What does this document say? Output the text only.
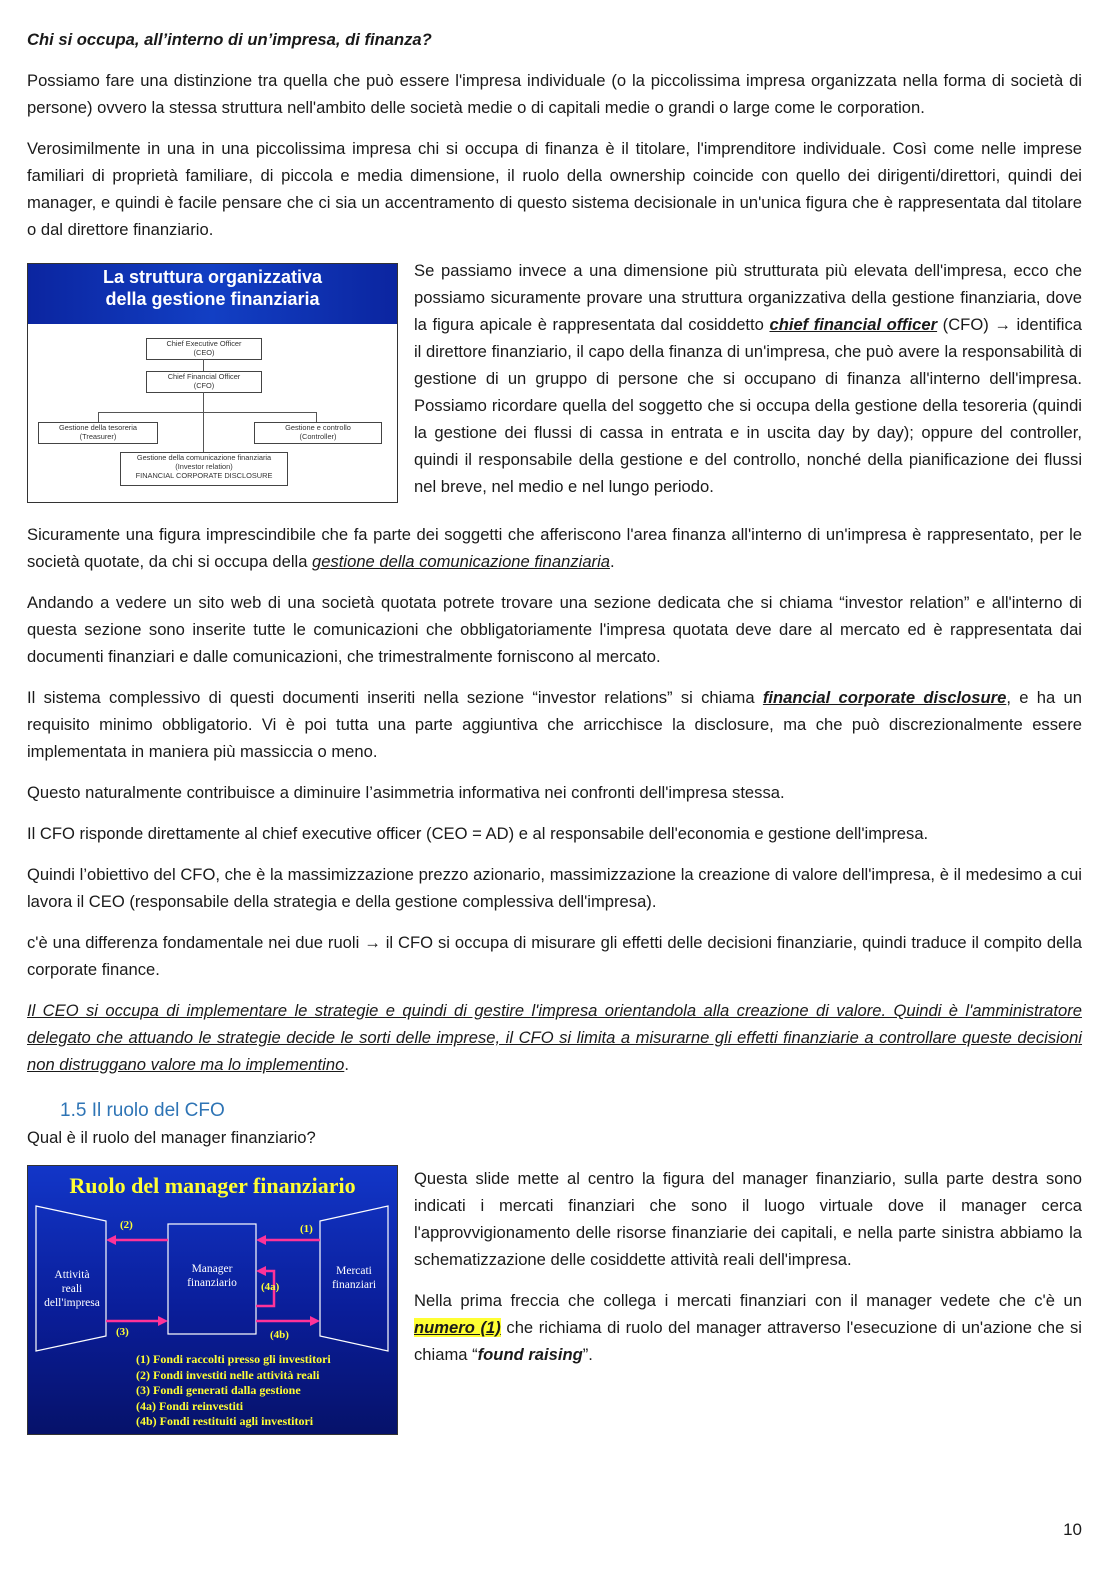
Chi si occupa, all’interno di un’impresa, di finanza?

Possiamo fare una distinzione tra quella che può essere l'impresa individuale (o la piccolissima impresa organizzata nella forma di società di persone) ovvero la stessa struttura nell'ambito delle società medie o di capitali medie o grandi o large come le corporation.

Verosimilmente in una in una piccolissima impresa chi si occupa di finanza è il titolare, l'imprenditore individuale. Così come nelle imprese familiari di proprietà familiare, di piccola e media dimensione, il ruolo della ownership coincide con quello dei dirigenti/direttori, quindi dei manager, e quindi è facile pensare che ci sia un accentramento di questo sistema decisionale in un'unica figura che è rappresentata dal titolare o dal direttore finanziario.

La struttura organizzativa
della gestione finanziaria
Chief Executive Officer
(CEO)
Chief Financial Officer
(CFO)
Gestione della tesoreria
(Treasurer)
Gestione e controllo
(Controller)
Gestione della comunicazione finanziaria
(Investor relation)
FINANCIAL CORPORATE DISCLOSURE

Se passiamo invece a una dimensione più strutturata più elevata dell'impresa, ecco che possiamo sicuramente provare una struttura organizzativa della gestione finanziaria, dove la figura apicale è rappresentata dal cosiddetto chief financial officer (CFO) → identifica il direttore finanziario, il capo della finanza di un'impresa, che può avere la responsabilità di gestione di un gruppo di persone che si occupano di finanza all'interno dell'impresa. Possiamo ricordare quella del soggetto che si occupa della gestione della tesoreria (quindi la gestione dei flussi di cassa in entrata e in uscita day by day); oppure del controller, quindi il responsabile della gestione e del controllo, nonché della pianificazione dei flussi nel breve, nel medio e nel lungo periodo.

Sicuramente una figura imprescindibile che fa parte dei soggetti che afferiscono l'area finanza all'interno di un'impresa è rappresentato, per le società quotate, da chi si occupa della gestione della comunicazione finanziaria.

Andando a vedere un sito web di una società quotata potrete trovare una sezione dedicata che si chiama “investor relation” e all'interno di questa sezione sono inserite tutte le comunicazioni che obbligatoriamente l'impresa quotata deve dare al mercato ed è rappresentata dai documenti finanziari e dalle comunicazioni, che trimestralmente forniscono al mercato.

Il sistema complessivo di questi documenti inseriti nella sezione “investor relations” si chiama financial corporate disclosure, e ha un requisito minimo obbligatorio. Vi è poi tutta una parte aggiuntiva che arricchisce la disclosure, ma che può discrezionalmente essere implementata in maniera più massiccia o meno.

Questo naturalmente contribuisce a diminuire l’asimmetria informativa nei confronti dell'impresa stessa.

Il CFO risponde direttamente al chief executive officer (CEO = AD) e al responsabile dell'economia e gestione dell'impresa.

Quindi l’obiettivo del CFO, che è la massimizzazione prezzo azionario, massimizzazione la creazione di valore dell'impresa, è il medesimo a cui lavora il CEO (responsabile della strategia e della gestione complessiva dell'impresa).

c'è una differenza fondamentale nei due ruoli → il CFO si occupa di misurare gli effetti delle decisioni finanziarie, quindi traduce il compito della corporate finance.

Il CEO si occupa di implementare le strategie e quindi di gestire l'impresa orientandola alla creazione di valore. Quindi è l'amministratore delegato che attuando le strategie decide le sorti delle imprese, il CFO si limita a misurarne gli effetti finanziarie a controllare queste decisioni non distruggano valore ma lo implementino.

1.5 Il ruolo del CFO

Qual è il ruolo del manager finanziario?

Ruolo del manager finanziario
Attività
reali
dell'impresa
Manager
finanziario
Mercati
finanziari
(2)	(1)
(3)
(4a)
(4b)
(1) Fondi raccolti presso gli investitori
(2) Fondi investiti nelle attività reali
(3) Fondi generati dalla gestione
(4a) Fondi reinvestiti
(4b) Fondi restituiti agli investitori

Questa slide mette al centro la figura del manager finanziario, sulla parte destra sono indicati i mercati finanziari che sono il luogo virtuale dove il manager cerca l'approvvigionamento delle risorse finanziarie dei capitali, e nella parte sinistra abbiamo la schematizzazione delle cosiddette attività reali dell'impresa.

Nella prima freccia che collega i mercati finanziari con il manager vedete che c'è un numero (1) che richiama di ruolo del manager attraverso l'esecuzione di un'azione che si chiama “found raising”.

10
